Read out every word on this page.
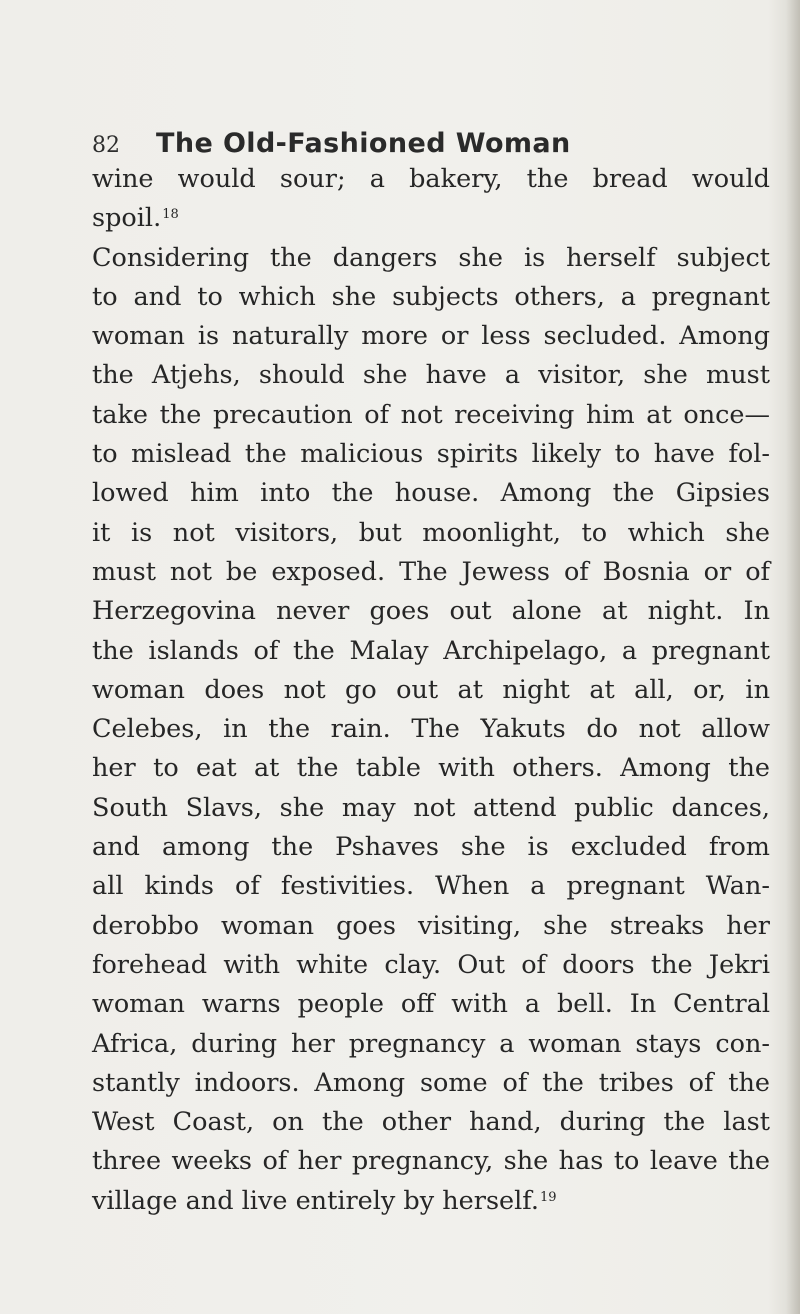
82 The Old-Fashioned Woman
wine would sour; a bakery, the bread would
spoil.$^{18}$
Considering the dangers she is herself subject
to and to which she subjects others, a pregnant
woman is naturally more or less secluded. Among
the Atjehs, should she have a visitor, she must
take the precaution of not receiving him at once—
to mislead the malicious spirits likely to have fol-
lowed him into the house. Among the Gipsies
it is not visitors, but moonlight, to which she
must not be exposed. The Jewess of Bosnia or of
Herzegovina never goes out alone at night. In
the islands of the Malay Archipelago, a pregnant
woman does not go out at night at all, or, in
Celebes, in the rain. The Yakuts do not allow
her to eat at the table with others. Among the
South Slavs, she may not attend public dances,
and among the Pshaves she is excluded from
all kinds of festivities. When a pregnant Wan-
derobbo woman goes visiting, she streaks her
forehead with white clay. Out of doors the Jekri
woman warns people off with a bell. In Central
Africa, during her pregnancy a woman stays con-
stantly indoors. Among some of the tribes of the
West Coast, on the other hand, during the last
three weeks of her pregnancy, she has to leave the
village and live entirely by herself.$^{19}$
